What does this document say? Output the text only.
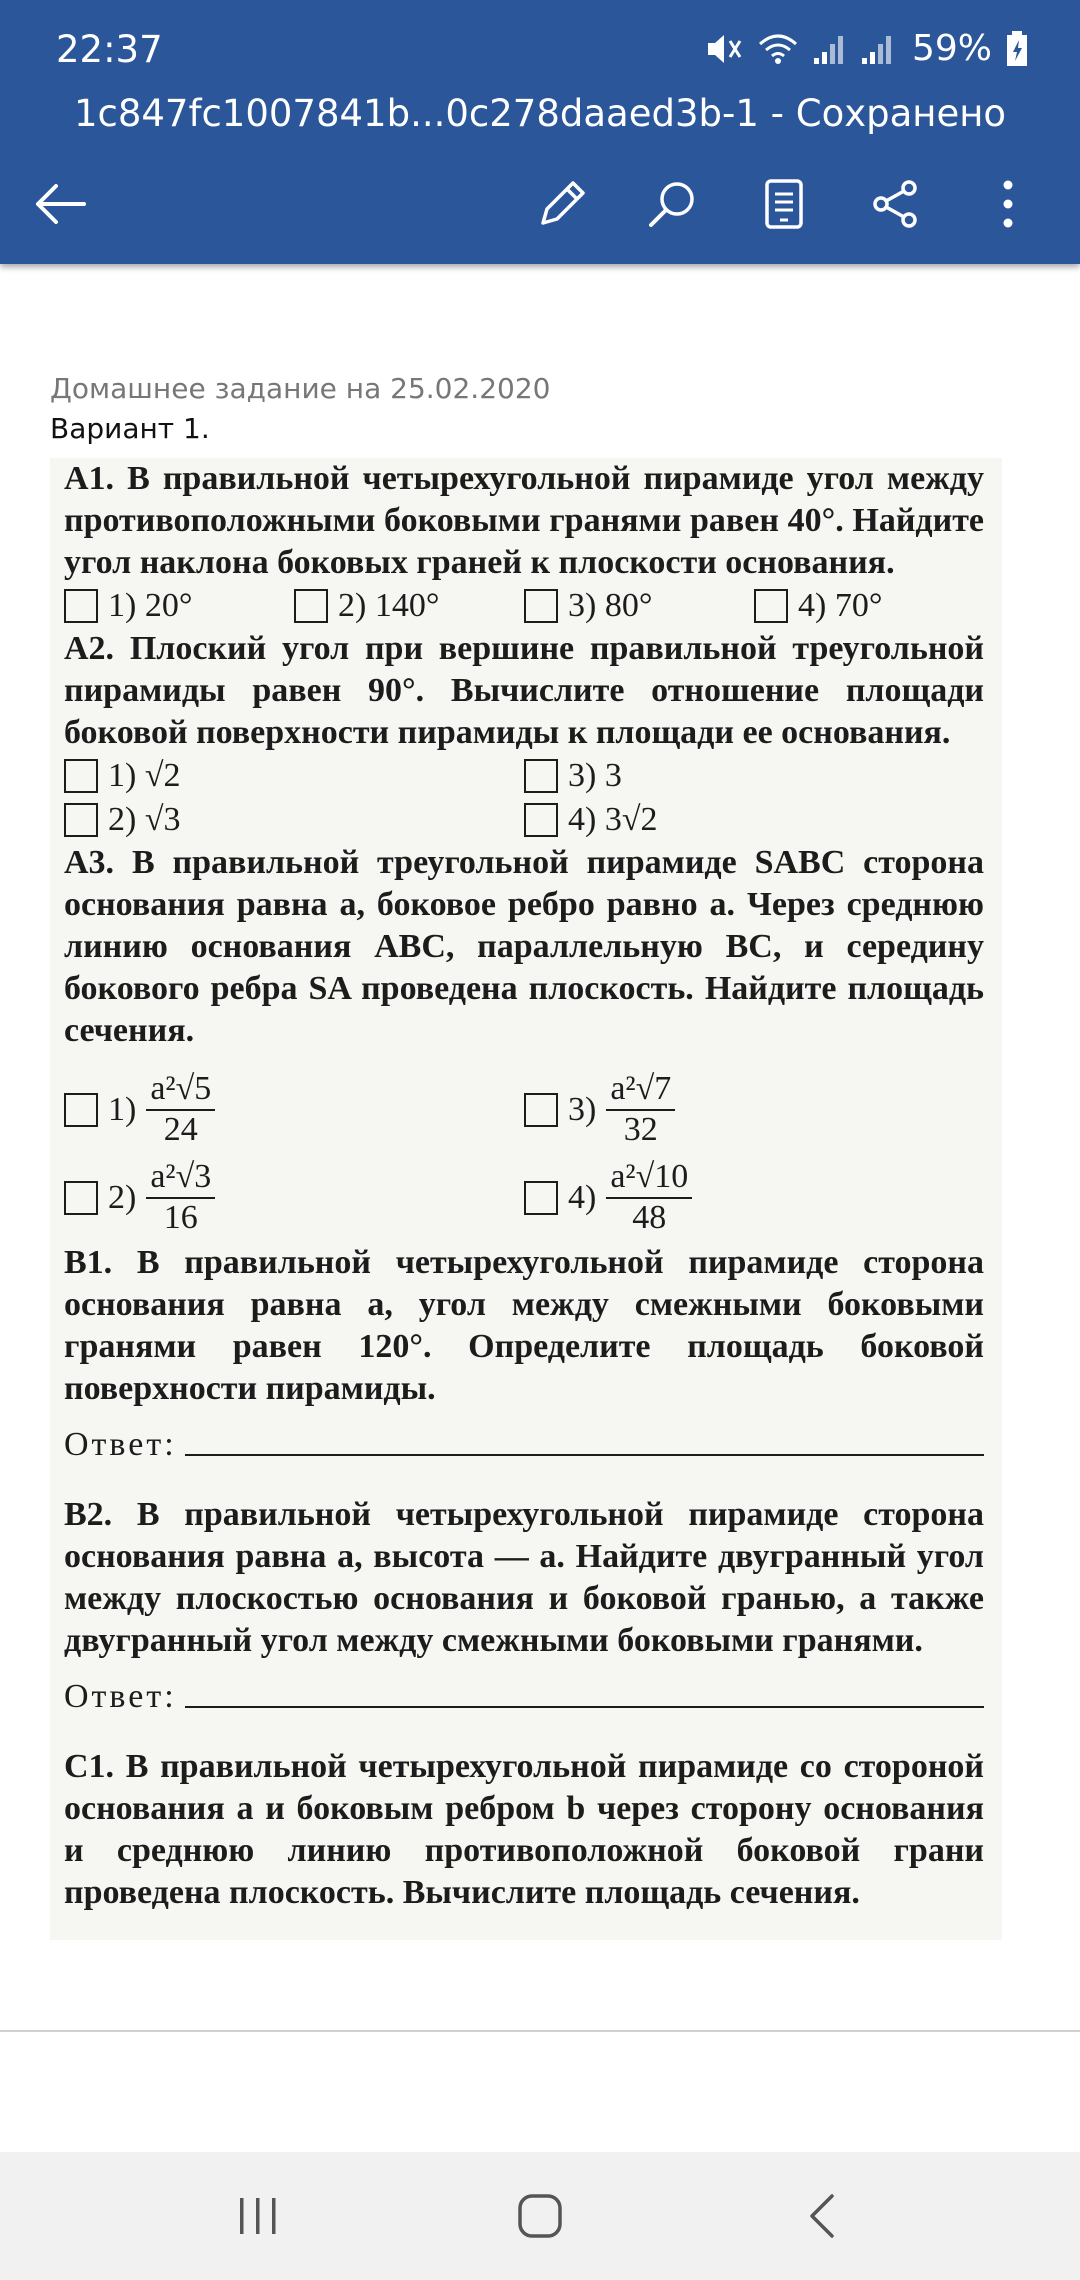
22:37	59%
1c847fc1007841b...0c278daaed3b-1 - Сохранено
Домашнее задание на 25.02.2020
Вариант 1.

А1. В правильной четырехугольной пирамиде угол между противоположными боковыми гранями равен 40°. Найдите угол наклона боковых граней к плоскости основания.

1) 20°	2) 140°	3) 80°	4) 70°

А2. Плоский угол при вершине правильной треугольной пирамиды равен 90°. Вычислите отношение площади боковой поверхности пирамиды к площади ее основания.

1) √2	3) 3
2) √3	4) 3√2

А3. В правильной треугольной пирамиде SABC сторона основания равна a, боковое ребро равно a. Через среднюю линию основания ABC, параллельную BC, и середину бокового ребра SA проведена плоскость. Найдите площадь сечения.

$1) \frac{\text{a²√5}}{24}$	$3) \frac{\text{a²√7}}{32}$
$2) \frac{\text{a²√3}}{16}$	$4) \frac{\text{a²√10}}{48}$

В1. В правильной четырехугольной пирамиде сторона основания равна a, угол между смежными боковыми гранями равен 120°. Определите площадь боковой поверхности пирамиды.

Ответ:

В2. В правильной четырехугольной пирамиде сторона основания равна a, высота — a. Найдите двугранный угол между плоскостью основания и боковой гранью, а также двугранный угол между смежными боковыми гранями.

Ответ:

С1. В правильной четырехугольной пирамиде со стороной основания a и боковым ребром b через сторону основания и среднюю линию противоположной боковой грани проведена плоскость. Вычислите площадь сечения.
